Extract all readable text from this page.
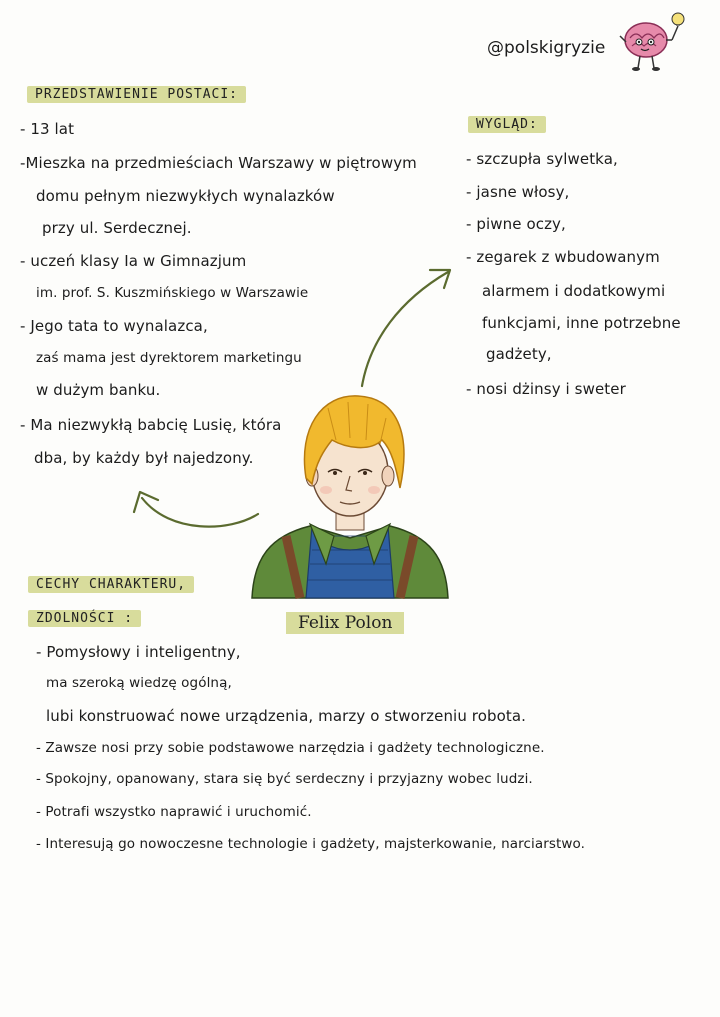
@polskigryzie
PRZEDSTAWIENIE POSTACI:

- 13 lat

-Mieszka na przedmieściach Warszawy w piętrowym

domu pełnym niezwykłych wynalazków

przy ul. Serdecznej.

- uczeń klasy Ia w Gimnazjum

im. prof. S. Kuszmińskiego w Warszawie

- Jego tata to wynalazca,

zaś mama jest dyrektorem marketingu

w dużym banku.

- Ma niezwykłą babcię Lusię, która

dba, by każdy był najedzony.

WYGLĄD:

- szczupła sylwetka,

- jasne włosy,

- piwne oczy,

- zegarek z wbudowanym

alarmem i dodatkowymi

funkcjami, inne potrzebne

gadżety,

- nosi dżinsy i sweter

Felix Polon
CECHY CHARAKTERU,
ZDOLNOŚCI :

- Pomysłowy i inteligentny,

ma szeroką wiedzę ogólną,

lubi konstruować nowe urządzenia, marzy o stworzeniu robota.

- Zawsze nosi przy sobie podstawowe narzędzia i gadżety technologiczne.

- Spokojny, opanowany, stara się być serdeczny i przyjazny wobec ludzi.

- Potrafi wszystko naprawić i uruchomić.

- Interesują go nowoczesne technologie i gadżety, majsterkowanie, narciarstwo.
